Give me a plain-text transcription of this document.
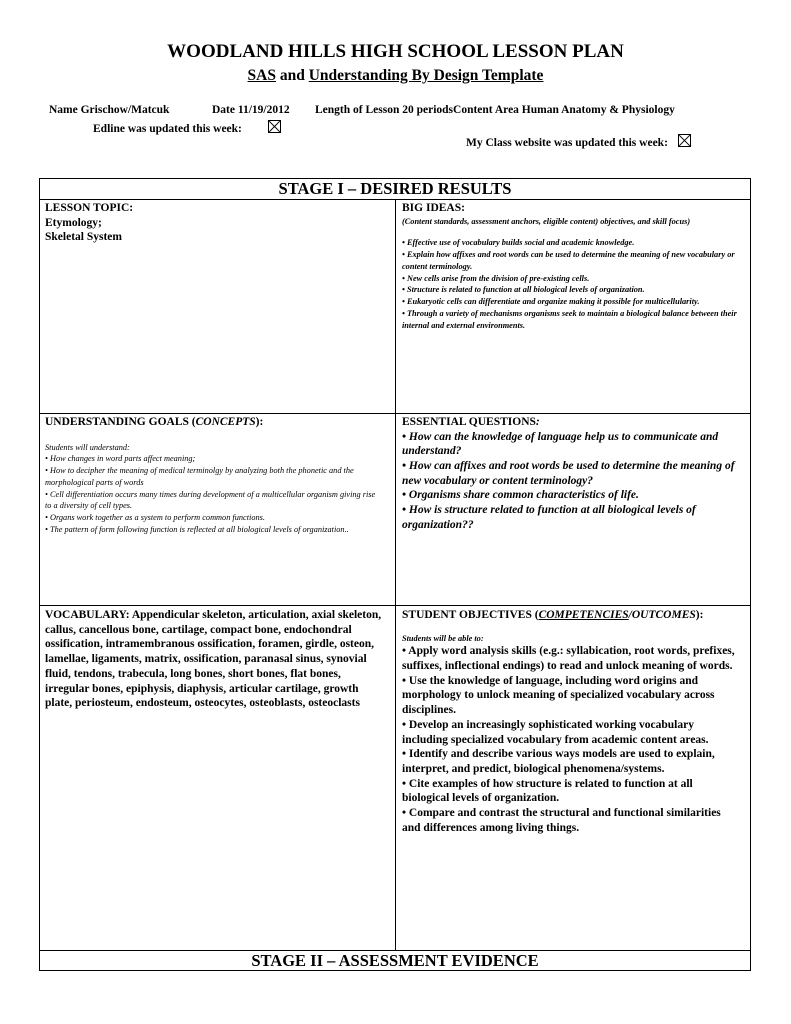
WOODLAND HILLS HIGH SCHOOL LESSON PLAN
SAS and Understanding By Design Template
Name Grischow/Matcuk	Date 11/19/2012 Length of Lesson 20 periodsContent Area Human Anatomy & Physiology
Edline was updated this week:
My Class website was updated this week:
STAGE I – DESIRED RESULTS
STAGE II – ASSESSMENT EVIDENCE
LESSON TOPIC:
Etymology;
Skeletal System
BIG IDEAS:
(Content standards, assessment anchors, eligible content) objectives, and skill focus)
• Effective use of vocabulary builds social and academic knowledge.
• Explain how affixes and root words can be used to determine the meaning of new vocabulary or content terminology.
• New cells arise from the division of pre-existing cells.
• Structure is related to function at all biological levels of organization.
• Eukaryotic cells can differentiate and organize making it possible for multicellularity.
• Through a variety of mechanisms organisms seek to maintain a biological balance between their internal and external environments.
UNDERSTANDING GOALS (CONCEPTS):
Students will understand:
• How changes in word parts affect meaning;
• How to decipher the meaning of medical terminolgy by analyzing both the phonetic and the morphological parts of words
• Cell differentiation occurs many times during development of a multicellular organism giving rise to a diversity of cell types.
• Organs work together as a system to perform common functions.
• The pattern of form following function is reflected at all biological levels of organization..
ESSENTIAL QUESTIONS:
• How can the knowledge of language help us to communicate and understand?
• How can affixes and root words be used to determine the meaning of new vocabulary or content terminology?
• Organisms share common characteristics of life.
• How is structure related to function at all biological levels of organization??
VOCABULARY: Appendicular skeleton, articulation, axial skeleton, callus, cancellous bone, cartilage, compact bone, endochondral ossification, intramembranous ossification, foramen, girdle, osteon, lamellae, ligaments, matrix, ossification, paranasal sinus, synovial fluid, tendons, trabecula, long bones, short bones, flat bones, irregular bones, epiphysis, diaphysis, articular cartilage, growth plate, periosteum, endosteum, osteocytes, osteoblasts, osteoclasts
STUDENT OBJECTIVES (COMPETENCIES/OUTCOMES):
Students will be able to:
• Apply word analysis skills (e.g.: syllabication, root words, prefixes, suffixes, inflectional endings) to read and unlock meaning of words.
• Use the knowledge of language, including word origins and morphology to unlock meaning of specialized vocabulary across disciplines.
• Develop an increasingly sophisticated working vocabulary including specialized vocabulary from academic content areas.
• Identify and describe various ways models are used to explain, interpret, and predict, biological phenomena/systems.
• Cite examples of how structure is related to function at all biological levels of organization.
• Compare and contrast the structural and functional similarities and differences among living things.
